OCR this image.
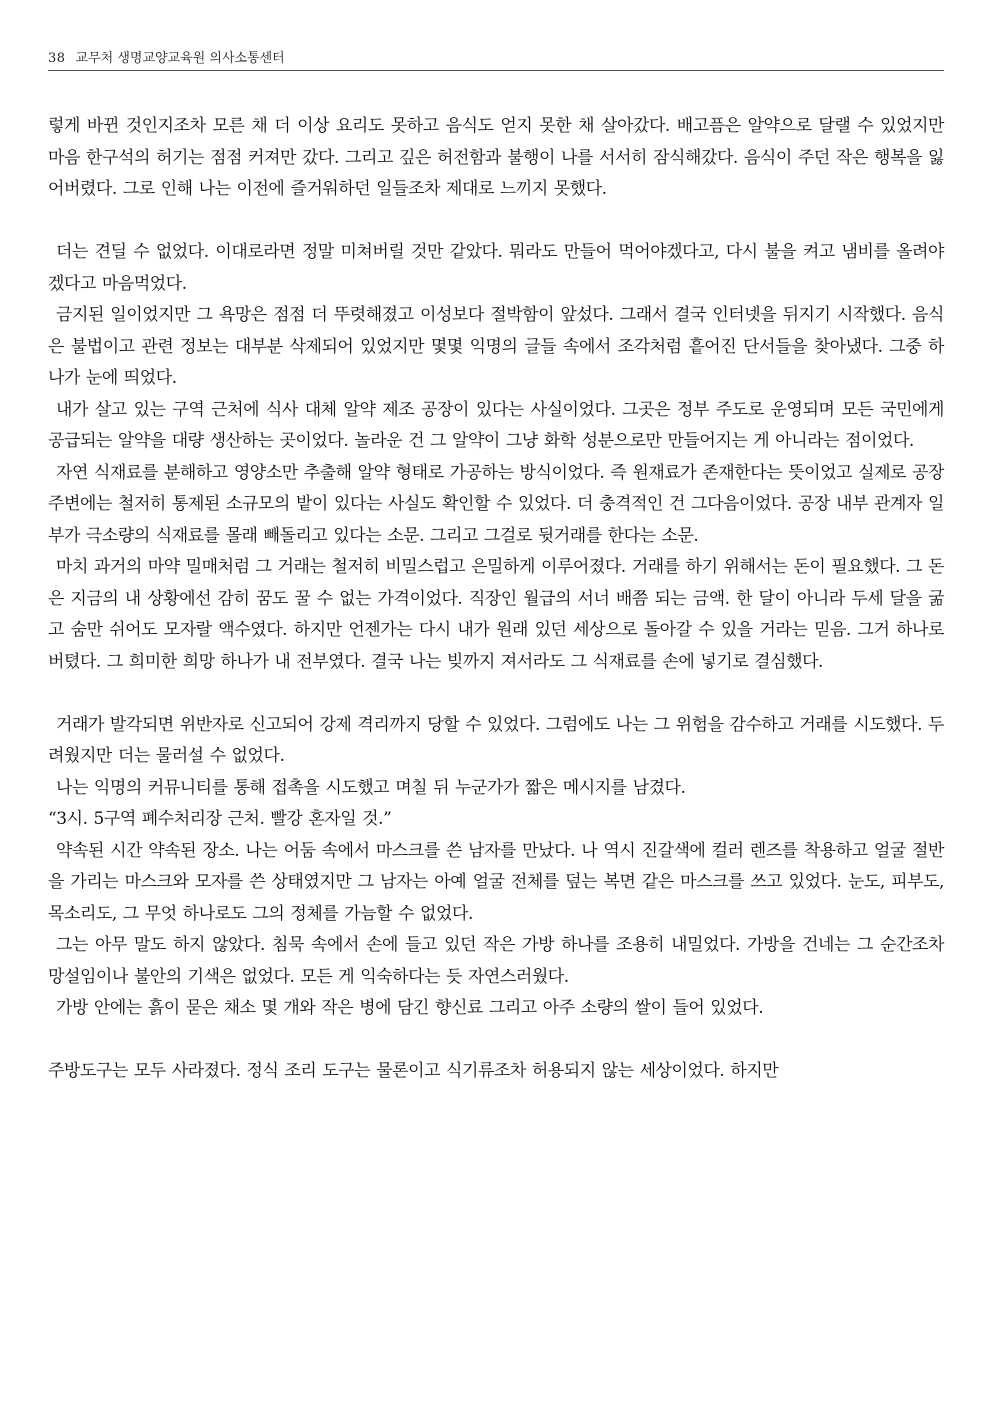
38 교무처 생명교양교육원 의사소통센터

렇게 바뀐 것인지조차 모른 채 더 이상 요리도 못하고 음식도 얻지 못한 채 살아갔다. 배고픔은 알약으로 달랠 수 있었지만 마음 한구석의 허기는 점점 커져만 갔다. 그리고 깊은 허전함과 불행이 나를 서서히 잠식해갔다. 음식이 주던 작은 행복을 잃어버렸다. 그로 인해 나는 이전에 즐거워하던 일들조차 제대로 느끼지 못했다.

더는 견딜 수 없었다. 이대로라면 정말 미쳐버릴 것만 같았다. 뭐라도 만들어 먹어야겠다고, 다시 불을 켜고 냄비를 올려야겠다고 마음먹었다.

금지된 일이었지만 그 욕망은 점점 더 뚜렷해졌고 이성보다 절박함이 앞섰다. 그래서 결국 인터넷을 뒤지기 시작했다. 음식은 불법이고 관련 정보는 대부분 삭제되어 있었지만 몇몇 익명의 글들 속에서 조각처럼 흩어진 단서들을 찾아냈다. 그중 하나가 눈에 띄었다.

내가 살고 있는 구역 근처에 식사 대체 알약 제조 공장이 있다는 사실이었다. 그곳은 정부 주도로 운영되며 모든 국민에게 공급되는 알약을 대량 생산하는 곳이었다. 놀라운 건 그 알약이 그냥 화학 성분으로만 만들어지는 게 아니라는 점이었다.

자연 식재료를 분해하고 영양소만 추출해 알약 형태로 가공하는 방식이었다. 즉 원재료가 존재한다는 뜻이었고 실제로 공장 주변에는 철저히 통제된 소규모의 밭이 있다는 사실도 확인할 수 있었다. 더 충격적인 건 그다음이었다. 공장 내부 관계자 일부가 극소량의 식재료를 몰래 빼돌리고 있다는 소문. 그리고 그걸로 뒷거래를 한다는 소문.

마치 과거의 마약 밀매처럼 그 거래는 철저히 비밀스럽고 은밀하게 이루어졌다. 거래를 하기 위해서는 돈이 필요했다. 그 돈은 지금의 내 상황에선 감히 꿈도 꿀 수 없는 가격이었다. 직장인 월급의 서너 배쯤 되는 금액. 한 달이 아니라 두세 달을 굶고 숨만 쉬어도 모자랄 액수였다. 하지만 언젠가는 다시 내가 원래 있던 세상으로 돌아갈 수 있을 거라는 믿음. 그거 하나로 버텼다. 그 희미한 희망 하나가 내 전부였다. 결국 나는 빚까지 져서라도 그 식재료를 손에 넣기로 결심했다.

거래가 발각되면 위반자로 신고되어 강제 격리까지 당할 수 있었다. 그럼에도 나는 그 위험을 감수하고 거래를 시도했다. 두려웠지만 더는 물러설 수 없었다.

나는 익명의 커뮤니티를 통해 접촉을 시도했고 며칠 뒤 누군가가 짧은 메시지를 남겼다.

“3시. 5구역 폐수처리장 근처. 빨강 혼자일 것.”

약속된 시간 약속된 장소. 나는 어둠 속에서 마스크를 쓴 남자를 만났다. 나 역시 진갈색에 컬러 렌즈를 착용하고 얼굴 절반을 가리는 마스크와 모자를 쓴 상태였지만 그 남자는 아예 얼굴 전체를 덮는 복면 같은 마스크를 쓰고 있었다. 눈도, 피부도, 목소리도, 그 무엇 하나로도 그의 정체를 가늠할 수 없었다.

그는 아무 말도 하지 않았다. 침묵 속에서 손에 들고 있던 작은 가방 하나를 조용히 내밀었다. 가방을 건네는 그 순간조차 망설임이나 불안의 기색은 없었다. 모든 게 익숙하다는 듯 자연스러웠다.

가방 안에는 흙이 묻은 채소 몇 개와 작은 병에 담긴 향신료 그리고 아주 소량의 쌀이 들어 있었다.

주방도구는 모두 사라졌다. 정식 조리 도구는 물론이고 식기류조차 허용되지 않는 세상이었다. 하지만
